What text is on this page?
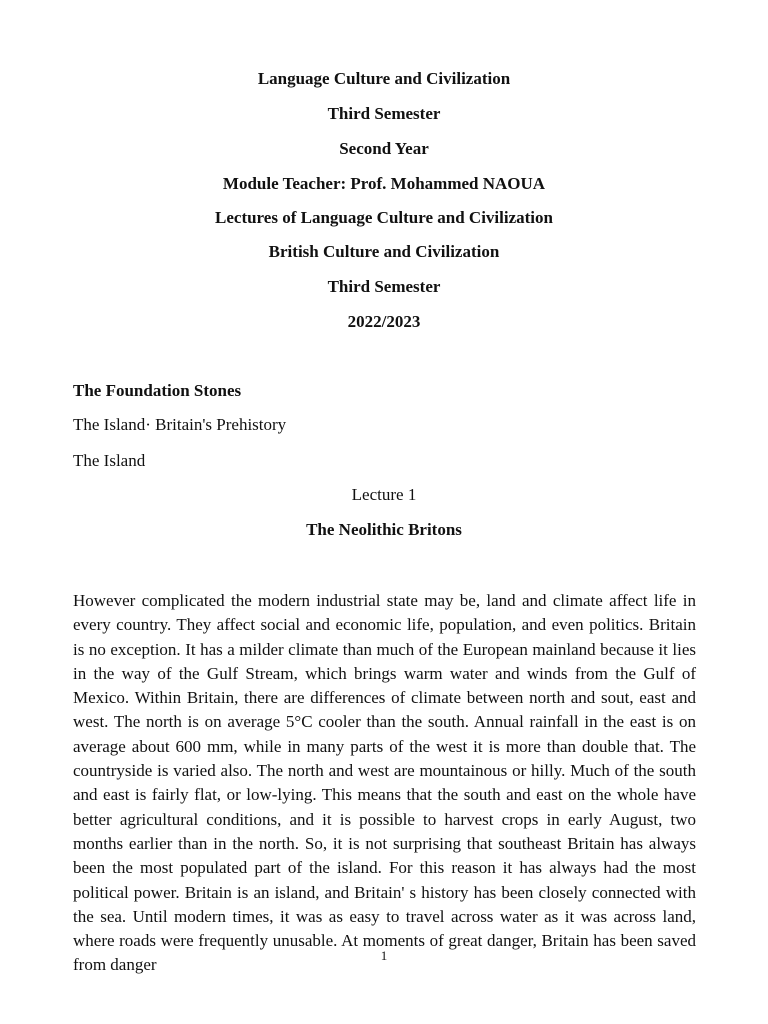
Language Culture and Civilization

Third Semester

Second Year

Module Teacher: Prof. Mohammed NAOUA

Lectures of Language Culture and Civilization

British Culture and Civilization

Third Semester

2022/2023

The Foundation Stones

The Island· Britain's Prehistory

The Island

Lecture 1

The Neolithic Britons

However complicated the modern industrial state may be, land and climate affect life in every country. They affect social and economic life, population, and even politics. Britain is no exception. It has a milder climate than much of the European mainland because it lies in the way of the Gulf Stream, which brings warm water and winds from the Gulf of Mexico. Within Britain, there are differences of climate between north and sout, east and west. The north is on average 5°C cooler than the south. Annual rainfall in the east is on average about 600 mm, while in many parts of the west it is more than double that. The countryside is varied also. The north and west are mountainous or hilly. Much of the south and east is fairly flat, or low-lying. This means that the south and east on the whole have better agricultural conditions, and it is possible to harvest crops in early August, two months earlier than in the north. So, it is not surprising that southeast Britain has always been the most populated part of the island. For this reason it has always had the most political power. Britain is an island, and Britain' s history has been closely connected with the sea. Until modern times, it was as easy to travel across water as it was across land, where roads were frequently unusable. At moments of great danger, Britain has been saved from danger	1
